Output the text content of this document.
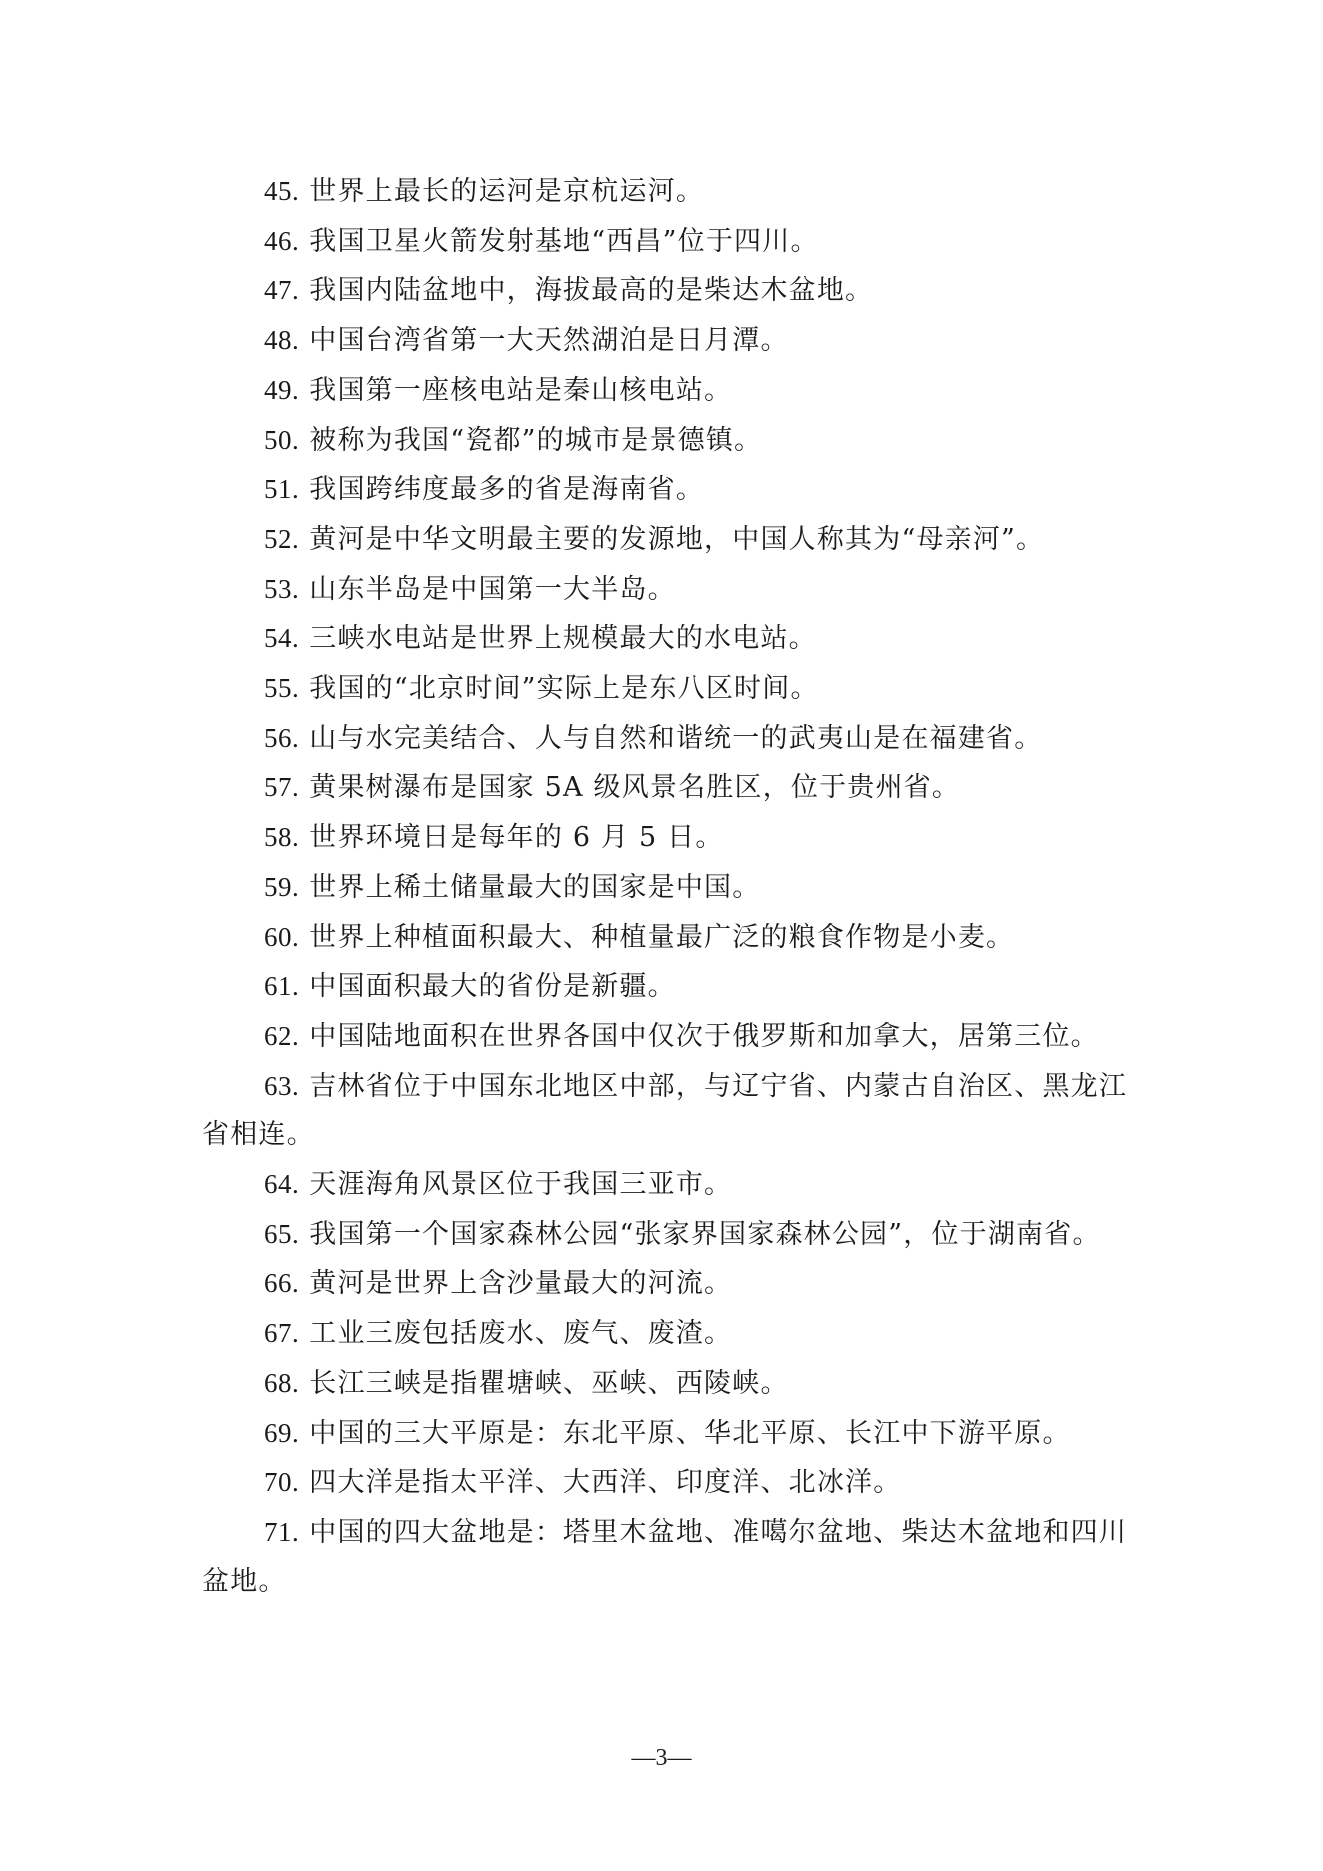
45. 世界上最长的运河是京杭运河。

46. 我国卫星火箭发射基地“西昌”位于四川。

47. 我国内陆盆地中，海拔最高的是柴达木盆地。

48. 中国台湾省第一大天然湖泊是日月潭。

49. 我国第一座核电站是秦山核电站。

50. 被称为我国“瓷都”的城市是景德镇。

51. 我国跨纬度最多的省是海南省。

52. 黄河是中华文明最主要的发源地，中国人称其为“母亲河”。

53. 山东半岛是中国第一大半岛。

54. 三峡水电站是世界上规模最大的水电站。

55. 我国的“北京时间”实际上是东八区时间。

56. 山与水完美结合、人与自然和谐统一的武夷山是在福建省。

57. 黄果树瀑布是国家 5A 级风景名胜区，位于贵州省。

58. 世界环境日是每年的 6 月 5 日。

59. 世界上稀土储量最大的国家是中国。

60. 世界上种植面积最大、种植量最广泛的粮食作物是小麦。

61. 中国面积最大的省份是新疆。

62. 中国陆地面积在世界各国中仅次于俄罗斯和加拿大，居第三位。

63. 吉林省位于中国东北地区中部，与辽宁省、内蒙古自治区、黑龙江省相连。

64. 天涯海角风景区位于我国三亚市。

65. 我国第一个国家森林公园“张家界国家森林公园”，位于湖南省。

66. 黄河是世界上含沙量最大的河流。

67. 工业三废包括废水、废气、废渣。

68. 长江三峡是指瞿塘峡、巫峡、西陵峡。

69. 中国的三大平原是：东北平原、华北平原、长江中下游平原。

70. 四大洋是指太平洋、大西洋、印度洋、北冰洋。

71. 中国的四大盆地是：塔里木盆地、准噶尔盆地、柴达木盆地和四川盆地。

—3—
